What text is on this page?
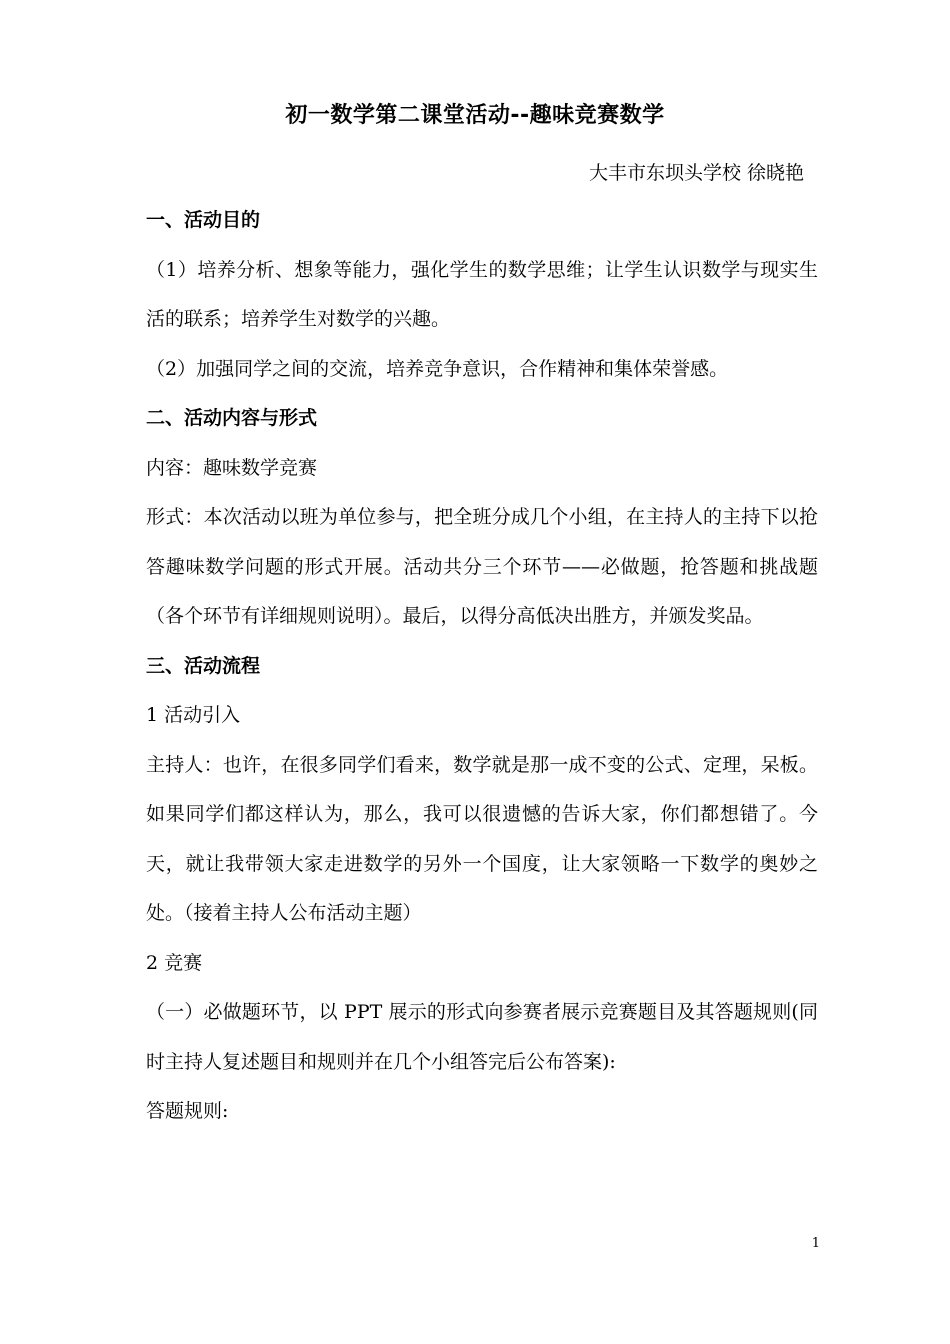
初一数学第二课堂活动--趣味竞赛数学
大丰市东坝头学校 徐晓艳

一、活动目的

（1）培养分析、想象等能力，强化学生的数学思维；让学生认识数学与现实生活的联系；培养学生对数学的兴趣。

（2）加强同学之间的交流，培养竞争意识，合作精神和集体荣誉感。

二、活动内容与形式

内容：趣味数学竞赛

形式：本次活动以班为单位参与，把全班分成几个小组，在主持人的主持下以抢答趣味数学问题的形式开展。活动共分三个环节——必做题，抢答题和挑战题（各个环节有详细规则说明）。最后，以得分高低决出胜方，并颁发奖品。

三、活动流程

1 活动引入

主持人：也许，在很多同学们看来，数学就是那一成不变的公式、定理，呆板。如果同学们都这样认为，那么，我可以很遗憾的告诉大家，你们都想错了。今天，就让我带领大家走进数学的另外一个国度，让大家领略一下数学的奥妙之处。（接着主持人公布活动主题）

2 竞赛

（一）必做题环节，以 PPT 展示的形式向参赛者展示竞赛题目及其答题规则(同时主持人复述题目和规则并在几个小组答完后公布答案):

答题规则:

1
